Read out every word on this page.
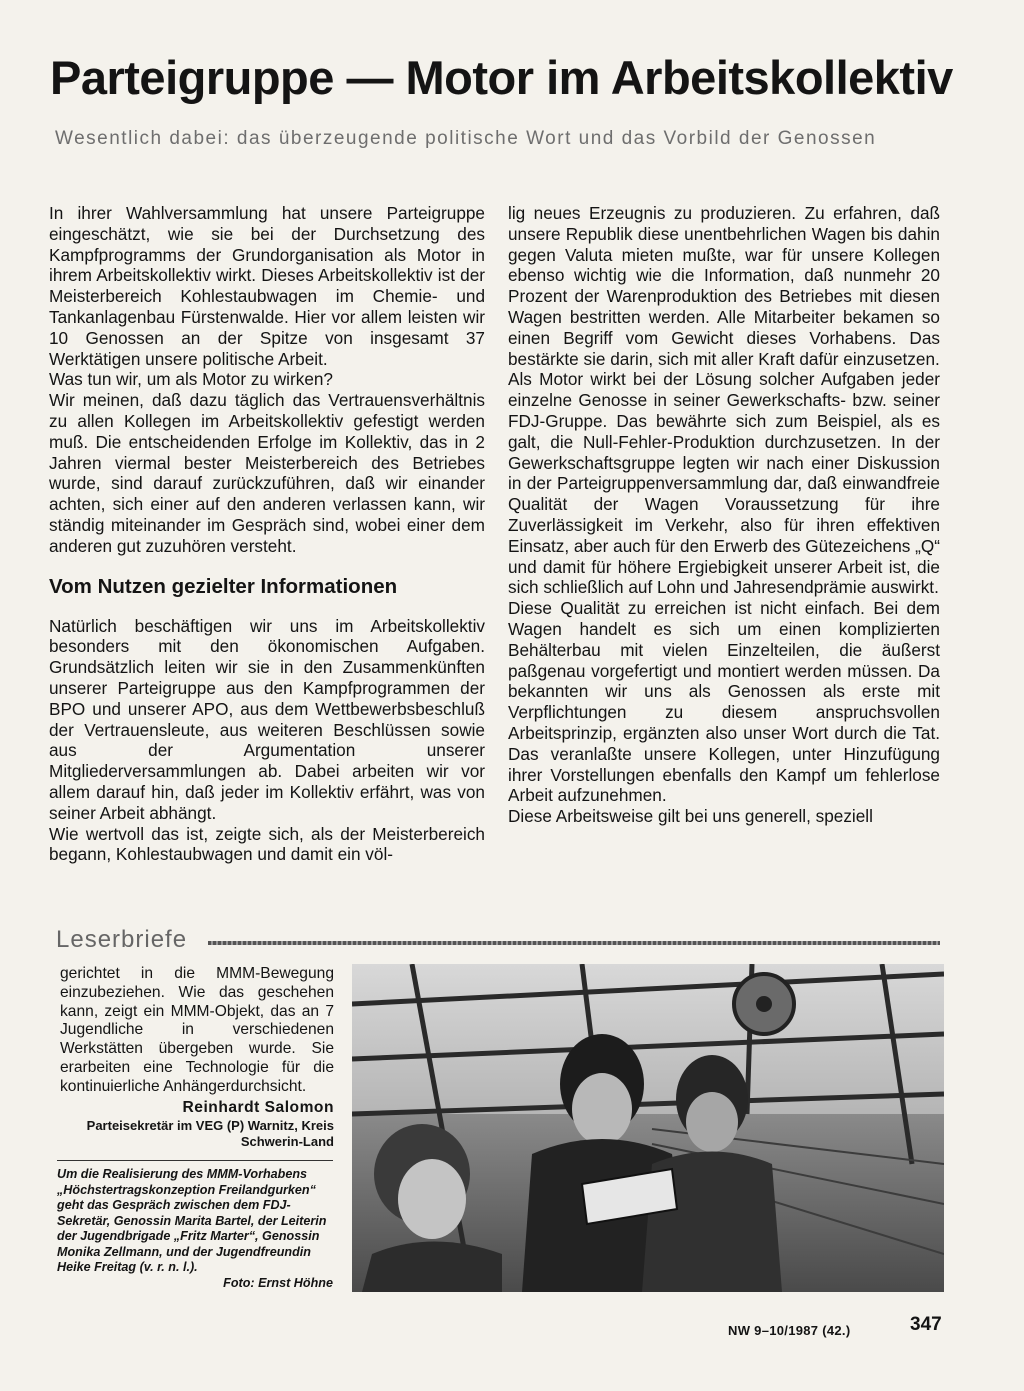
Parteigruppe — Motor im Arbeitskollektiv
Wesentlich dabei: das überzeugende politische Wort und das Vorbild der Genossen

In ihrer Wahlversammlung hat unsere Parteigruppe eingeschätzt, wie sie bei der Durchsetzung des Kampfprogramms der Grundorganisation als Motor in ihrem Arbeitskollektiv wirkt. Dieses Arbeitskollektiv ist der Meisterbereich Kohlestaubwagen im Chemie- und Tankanlagenbau Fürstenwalde. Hier vor allem leisten wir 10 Genossen an der Spitze von insgesamt 37 Werktätigen unsere politische Arbeit.

Was tun wir, um als Motor zu wirken?

Wir meinen, daß dazu täglich das Vertrauensverhältnis zu allen Kollegen im Arbeitskollektiv gefestigt werden muß. Die entscheidenden Erfolge im Kollektiv, das in 2 Jahren viermal bester Meisterbereich des Betriebes wurde, sind darauf zurückzuführen, daß wir einander achten, sich einer auf den anderen verlassen kann, wir ständig miteinander im Gespräch sind, wobei einer dem anderen gut zuzuhören versteht.

Vom Nutzen gezielter Informationen

Natürlich beschäftigen wir uns im Arbeitskollektiv besonders mit den ökonomischen Aufgaben. Grundsätzlich leiten wir sie in den Zusammenkünften unserer Parteigruppe aus den Kampfprogrammen der BPO und unserer APO, aus dem Wettbewerbsbeschluß der Vertrauensleute, aus weiteren Beschlüssen sowie aus der Argumentation unserer Mitgliederversammlungen ab. Dabei arbeiten wir vor allem darauf hin, daß jeder im Kollektiv erfährt, was von seiner Arbeit abhängt.

Wie wertvoll das ist, zeigte sich, als der Meisterbereich begann, Kohlestaubwagen und damit ein völ-

lig neues Erzeugnis zu produzieren. Zu erfahren, daß unsere Republik diese unentbehrlichen Wagen bis dahin gegen Valuta mieten mußte, war für unsere Kollegen ebenso wichtig wie die Information, daß nunmehr 20 Prozent der Warenproduktion des Betriebes mit diesen Wagen bestritten werden. Alle Mitarbeiter bekamen so einen Begriff vom Gewicht dieses Vorhabens. Das bestärkte sie darin, sich mit aller Kraft dafür einzusetzen.

Als Motor wirkt bei der Lösung solcher Aufgaben jeder einzelne Genosse in seiner Gewerkschafts- bzw. seiner FDJ-Gruppe. Das bewährte sich zum Beispiel, als es galt, die Null-Fehler-Produktion durchzusetzen. In der Gewerkschaftsgruppe legten wir nach einer Diskussion in der Parteigruppenversammlung dar, daß einwandfreie Qualität der Wagen Voraussetzung für ihre Zuverlässigkeit im Verkehr, also für ihren effektiven Einsatz, aber auch für den Erwerb des Gütezeichens „Q“ und damit für höhere Ergiebigkeit unserer Arbeit ist, die sich schließlich auf Lohn und Jahresendprämie auswirkt.

Diese Qualität zu erreichen ist nicht einfach. Bei dem Wagen handelt es sich um einen komplizierten Behälterbau mit vielen Einzelteilen, die äußerst paßgenau vorgefertigt und montiert werden müssen. Da bekannten wir uns als Genossen als erste mit Verpflichtungen zu diesem anspruchsvollen Arbeitsprinzip, ergänzten also unser Wort durch die Tat. Das veranlaßte unsere Kollegen, unter Hinzufügung ihrer Vorstellungen ebenfalls den Kampf um fehlerlose Arbeit aufzunehmen.

Diese Arbeitsweise gilt bei uns generell, speziell

Leserbriefe

gerichtet in die MMM-Bewegung einzubeziehen. Wie das geschehen kann, zeigt ein MMM-Objekt, das an 7 Jugendliche in verschiedenen Werkstätten übergeben wurde. Sie erarbeiten eine Technologie für die kontinuierliche Anhängerdurchsicht.

Reinhardt Salomon
Parteisekretär im VEG (P) Warnitz, Kreis Schwerin-Land

Um die Realisierung des MMM-Vorhabens „Höchstertragskonzeption Freilandgurken“ geht das Gespräch zwischen dem FDJ-Sekretär, Genossin Marita Bartel, der Leiterin der Jugendbrigade „Fritz Marter“, Genossin Monika Zellmann, und der Jugendfreundin Heike Freitag (v. r. n. l.).

Foto: Ernst Höhne
NW 9–10/1987 (42.)	347
